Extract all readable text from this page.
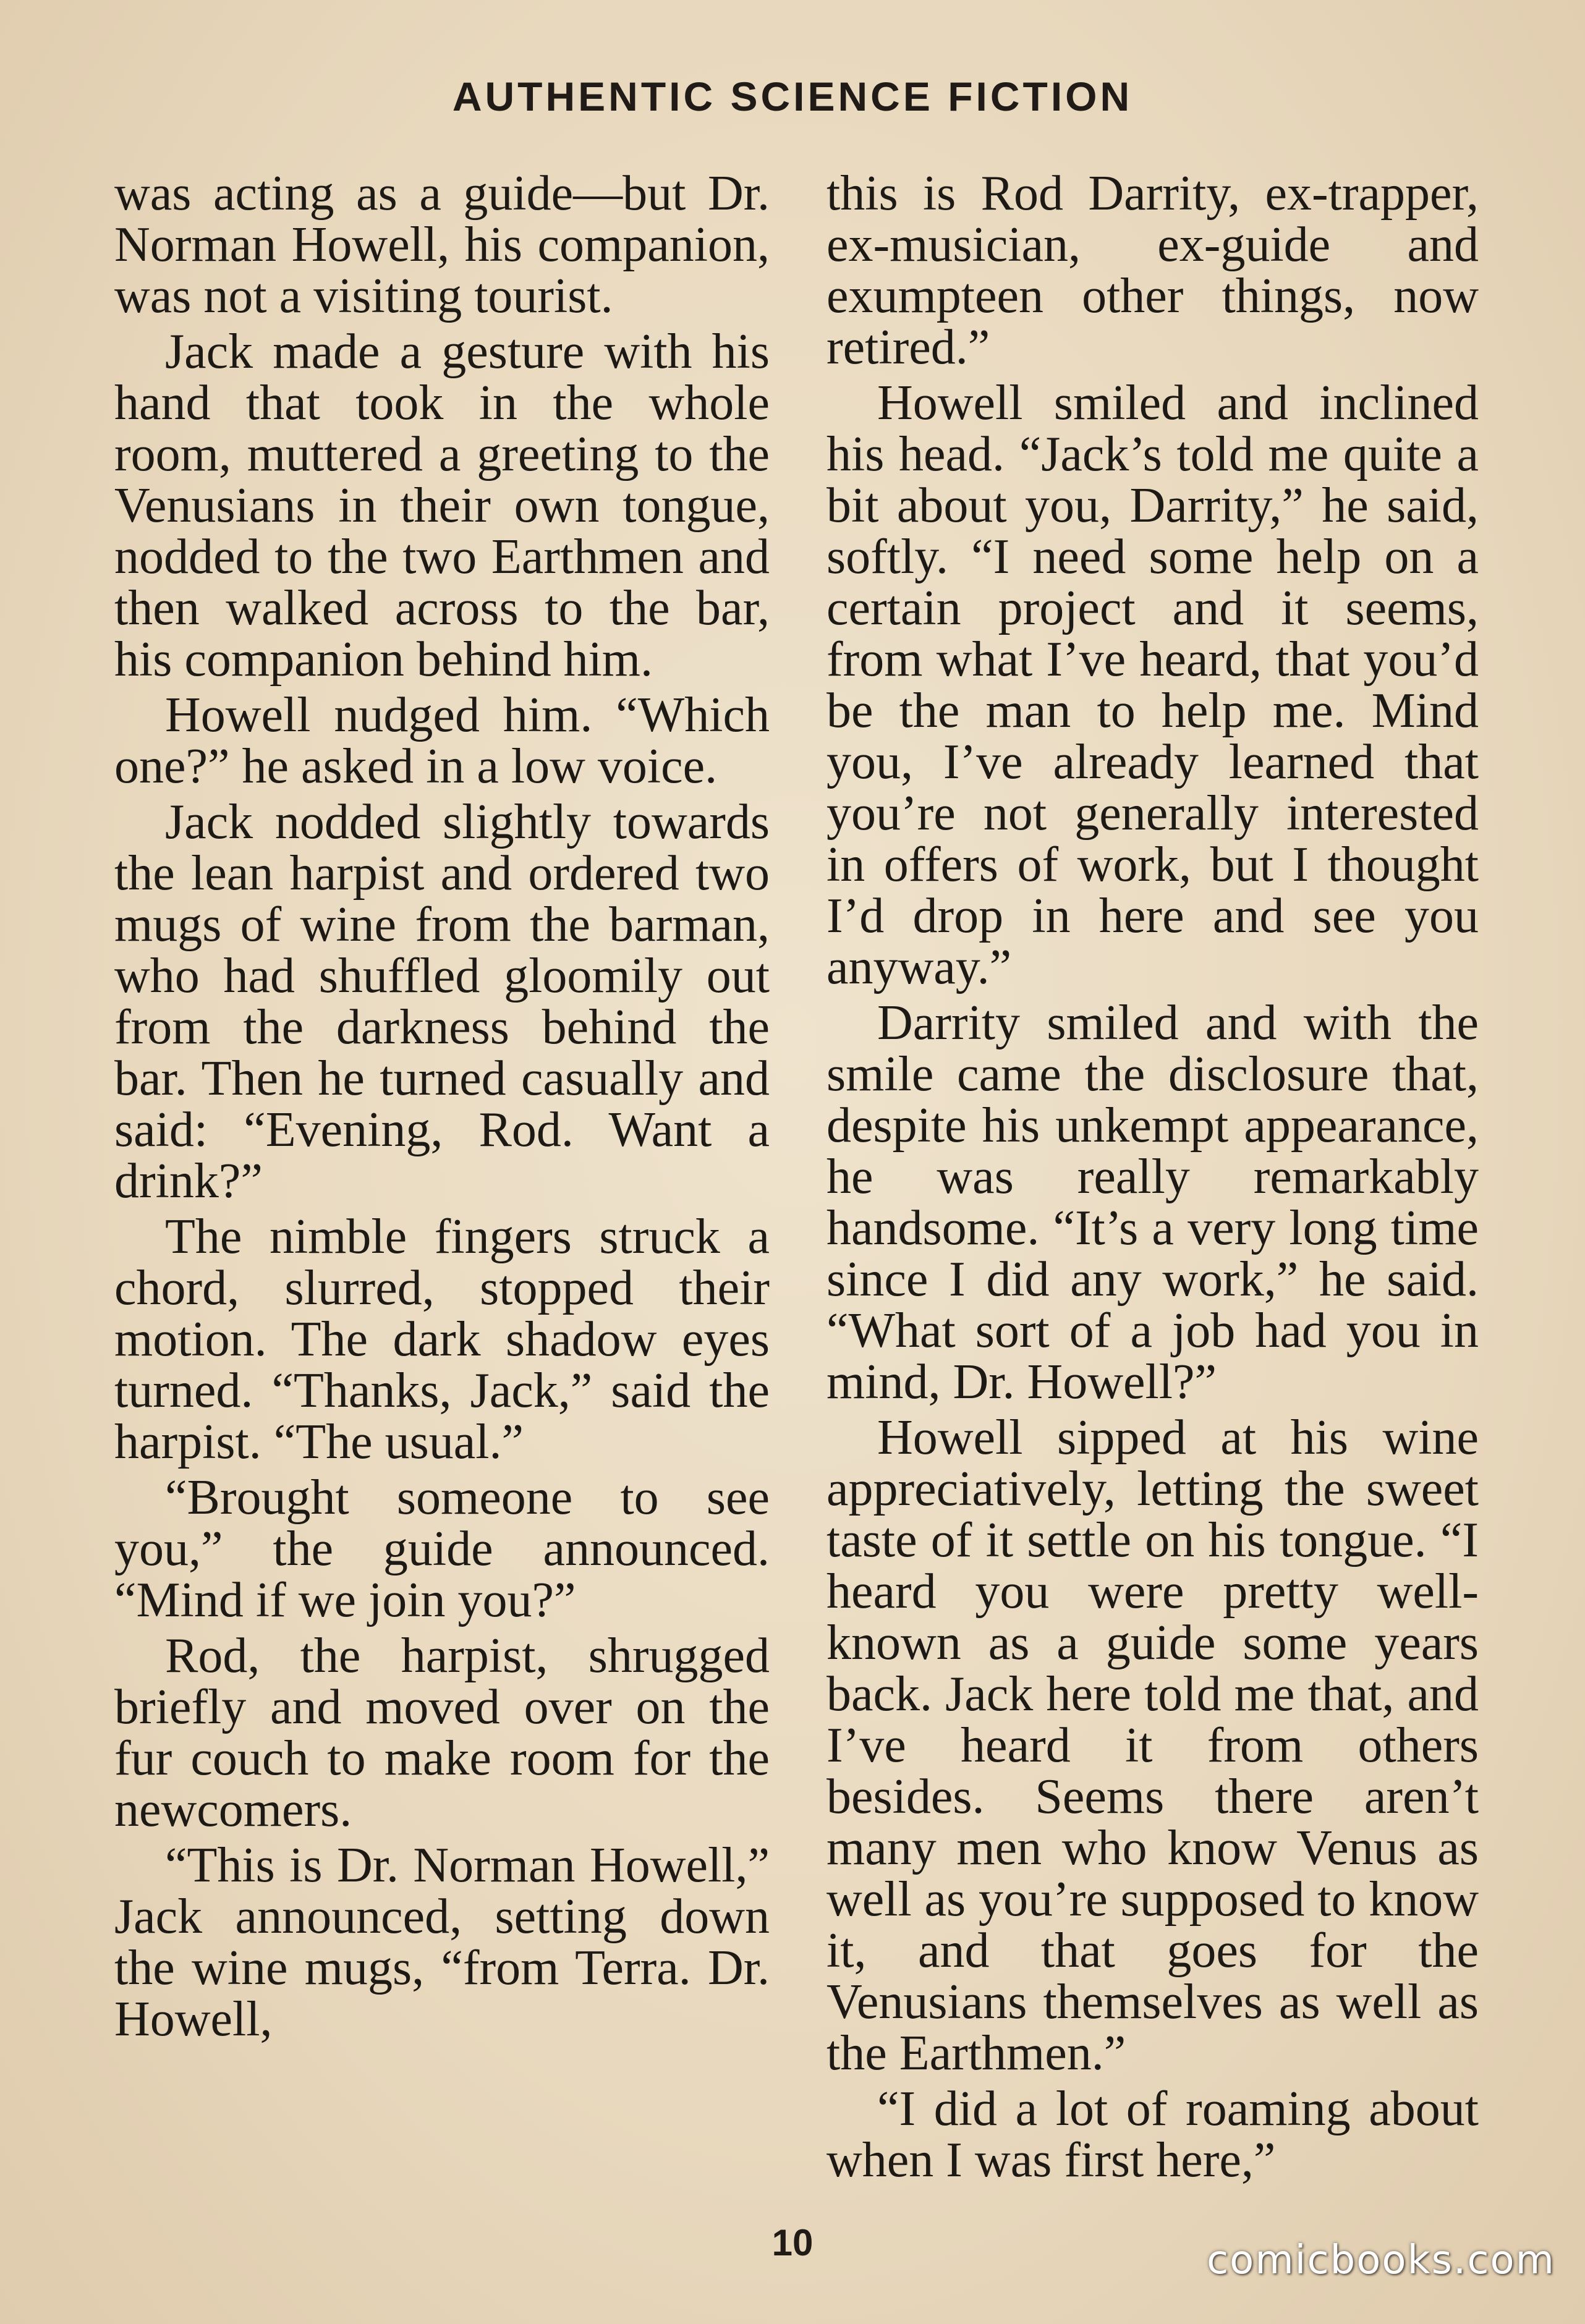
AUTHENTIC SCIENCE FICTION

was acting as a guide—but Dr. Norman Howell, his companion, was not a visiting tourist.

Jack made a gesture with his hand that took in the whole room, muttered a greeting to the Venusians in their own tongue, nodded to the two Earthmen and then walked across to the bar, his companion behind him.

Howell nudged him. “Which one?” he asked in a low voice.

Jack nodded slightly towards the lean harpist and ordered two mugs of wine from the barman, who had shuffled gloomily out from the darkness behind the bar. Then he turned casually and said: “Evening, Rod. Want a drink?”

The nimble fingers struck a chord, slurred, stopped their motion. The dark shadow eyes turned. “Thanks, Jack,” said the harpist. “The usual.”

“Brought someone to see you,” the guide announced. “Mind if we join you?”

Rod, the harpist, shrugged briefly and moved over on the fur couch to make room for the newcomers.

“This is Dr. Norman Howell,” Jack announced, setting down the wine mugs, “from Terra. Dr. Howell,

this is Rod Darrity, ex-trapper, ex-musician, ex-guide and exumpteen other things, now retired.”

Howell smiled and inclined his head. “Jack’s told me quite a bit about you, Darrity,” he said, softly. “I need some help on a certain project and it seems, from what I’ve heard, that you’d be the man to help me. Mind you, I’ve already learned that you’re not generally interested in offers of work, but I thought I’d drop in here and see you anyway.”

Darrity smiled and with the smile came the disclosure that, despite his unkempt appearance, he was really remarkably handsome. “It’s a very long time since I did any work,” he said. “What sort of a job had you in mind, Dr. Howell?”

Howell sipped at his wine appreciatively, letting the sweet taste of it settle on his tongue. “I heard you were pretty well-known as a guide some years back. Jack here told me that, and I’ve heard it from others besides. Seems there aren’t many men who know Venus as well as you’re supposed to know it, and that goes for the Venusians themselves as well as the Earthmen.”

“I did a lot of roaming about when I was first here,”

10	comicbooks.com
